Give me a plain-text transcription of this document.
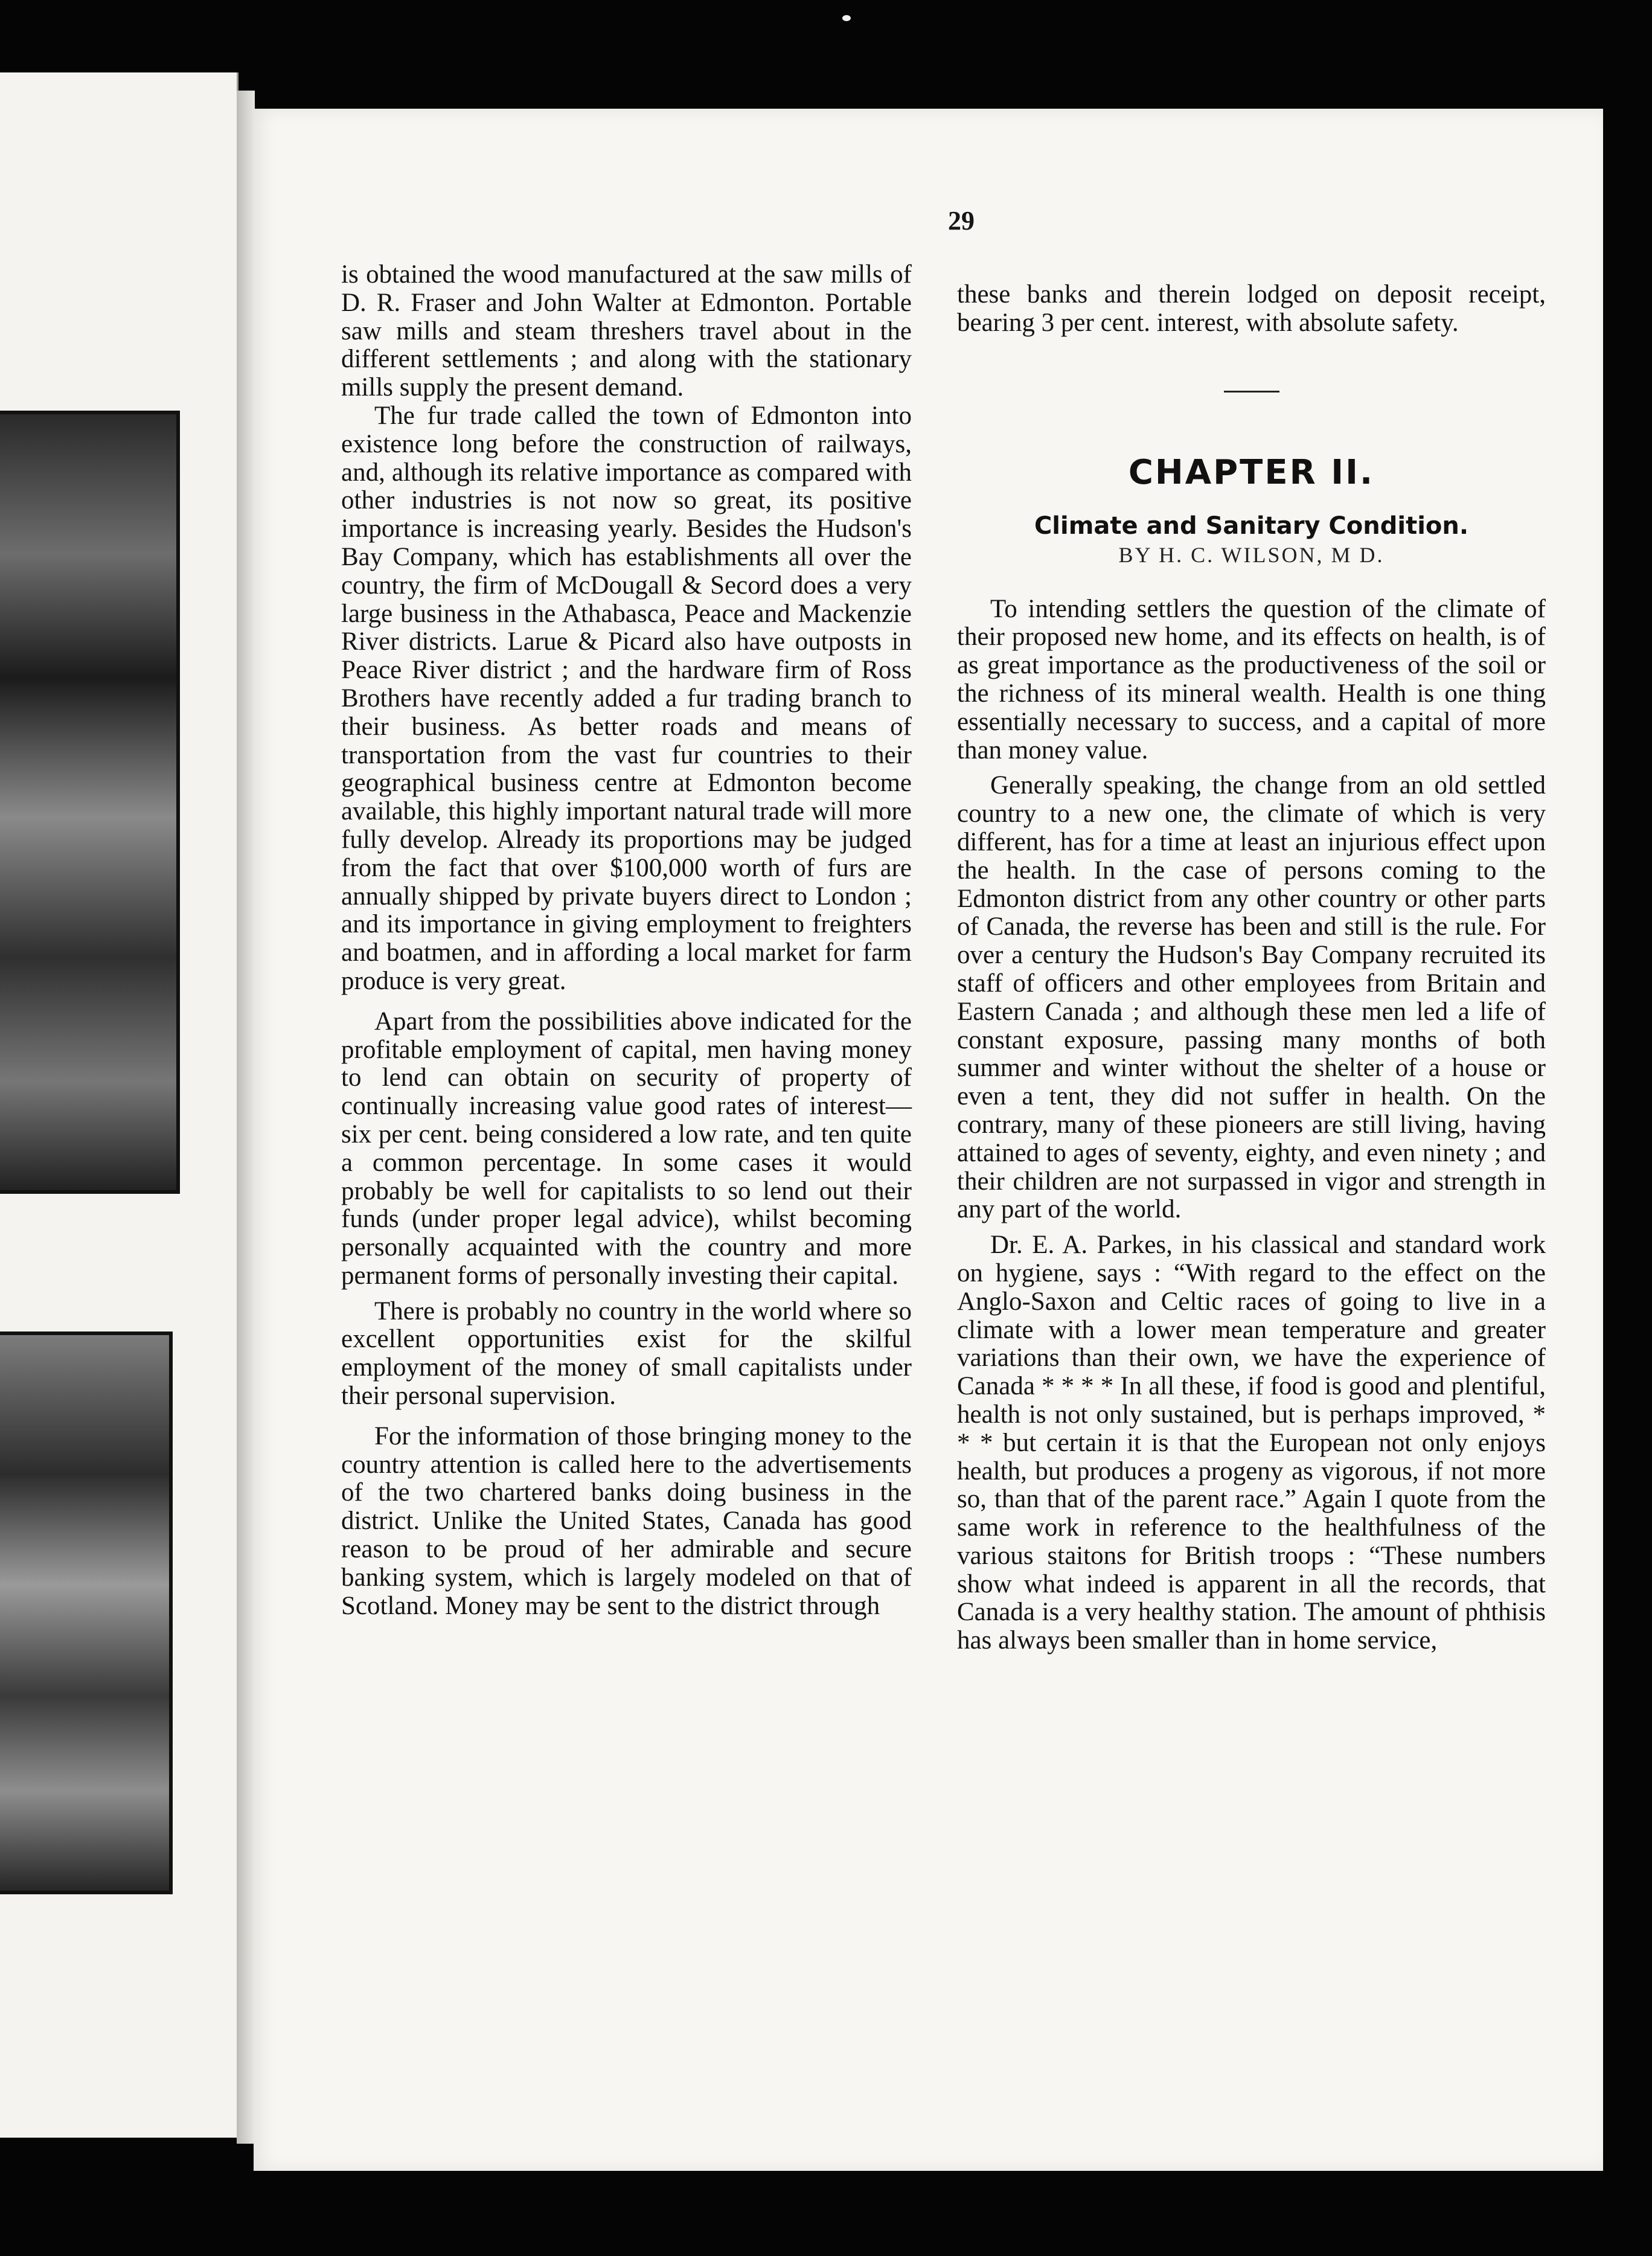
29

is obtained the wood manufactured at the saw mills of D. R. Fraser and John Walter at Edmonton. Portable saw mills and steam threshers travel about in the different settlements ; and along with the stationary mills supply the present demand.

The fur trade called the town of Edmonton into existence long before the construction of railways, and, although its relative importance as compared with other industries is not now so great, its positive importance is increasing yearly. Besides the Hudson's Bay Company, which has establishments all over the country, the firm of McDougall & Secord does a very large business in the Athabasca, Peace and Mackenzie River districts. Larue & Picard also have outposts in Peace River district ; and the hardware firm of Ross Brothers have recently added a fur trading branch to their business. As better roads and means of transportation from the vast fur countries to their geographical business centre at Edmonton become available, this highly important natural trade will more fully develop. Already its proportions may be judged from the fact that over $100,000 worth of furs are annually shipped by private buyers direct to London ; and its importance in giving employment to freighters and boatmen, and in affording a local market for farm produce is very great.

Apart from the possibilities above indicated for the profitable employment of capital, men having money to lend can obtain on security of property of continually increasing value good rates of interest—six per cent. being considered a low rate, and ten quite a common percentage. In some cases it would probably be well for capitalists to so lend out their funds (under proper legal advice), whilst becoming personally acquainted with the country and more permanent forms of personally investing their capital.

There is probably no country in the world where so excellent opportunities exist for the skilful employment of the money of small capitalists under their personal supervision.

For the information of those bringing money to the country attention is called here to the advertisements of the two chartered banks doing business in the district. Unlike the United States, Canada has good reason to be proud of her admirable and secure banking system, which is largely modeled on that of Scotland. Money may be sent to the district through

these banks and therein lodged on deposit receipt, bearing 3 per cent. interest, with absolute safety.

CHAPTER II.
Climate and Sanitary Condition.

BY H. C. WILSON, M D.

To intending settlers the question of the climate of their proposed new home, and its effects on health, is of as great importance as the productiveness of the soil or the richness of its mineral wealth. Health is one thing essentially necessary to success, and a capital of more than money value.

Generally speaking, the change from an old settled country to a new one, the climate of which is very different, has for a time at least an injurious effect upon the health. In the case of persons coming to the Edmonton district from any other country or other parts of Canada, the reverse has been and still is the rule. For over a century the Hudson's Bay Company recruited its staff of officers and other employees from Britain and Eastern Canada ; and although these men led a life of constant exposure, passing many months of both summer and winter without the shelter of a house or even a tent, they did not suffer in health. On the contrary, many of these pioneers are still living, having attained to ages of seventy, eighty, and even ninety ; and their children are not surpassed in vigor and strength in any part of the world.

Dr. E. A. Parkes, in his classical and standard work on hygiene, says : “With regard to the effect on the Anglo-Saxon and Celtic races of going to live in a climate with a lower mean temperature and greater variations than their own, we have the experience of Canada * * * * In all these, if food is good and plentiful, health is not only sustained, but is perhaps improved, * * * but certain it is that the European not only enjoys health, but produces a progeny as vigorous, if not more so, than that of the parent race.” Again I quote from the same work in reference to the healthfulness of the various staitons for British troops : “These numbers show what indeed is apparent in all the records, that Canada is a very healthy station. The amount of phthisis has always been smaller than in home service,
